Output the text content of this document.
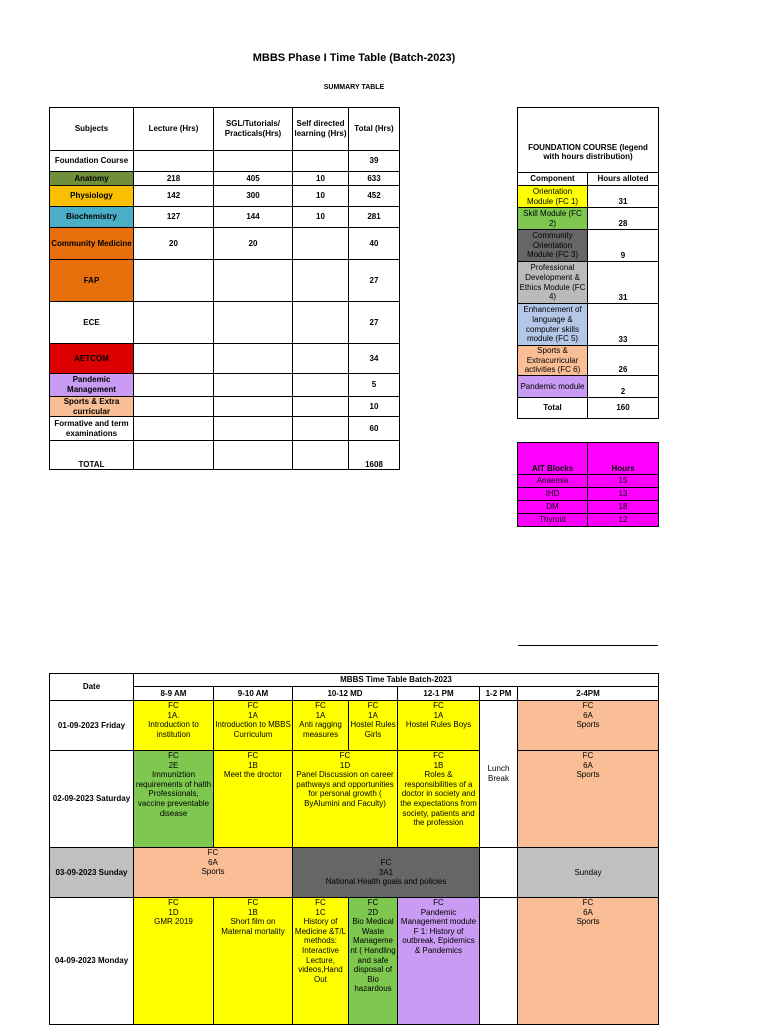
MBBS Phase I Time Table (Batch-2023)
SUMMARY TABLE
Subjects	Lecture (Hrs)	SGL/Tutorials/ Practicals(Hrs)	Self directed learning (Hrs)	Total (Hrs)
Foundation Course				39
Anatomy	218	405	10	633
Physiology	142	300	10	452
Biochemistry	127	144	10	281
Community Medicine	20	20		40
FAP				27
ECE				27
AETCOM				34
Pandemic Management				5
Sports & Extra curricular				10
Formative and term examinations				60
TOTAL				1608
FOUNDATION COURSE (legend with hours distribution)	
Component	Hours alloted
Orientation Module (FC 1)	31
Skill Module (FC 2)	28
Community Orientation Module (FC 3)	9
Professional Development & Ethics Module (FC 4)	31
Enhancement of language & computer skills module (FC 5)	33
Sports & Extracurricular activities (FC 6)	26
Pandemic module	2
Total	160
AIT Blocks	Hours
Anaemia	15
IHD	13
DM	18
Thyroid	12
Date	MBBS Time Table Batch-2023						
	8-9 AM	9-10 AM	10-12 MD		12-1 PM	1-2 PM	2-4PM
01-09-2023 Friday	FC
1A.
Introduction to institution	FC
1A
Introduction to MBBS Curriculum	FC
1A
Anti ragging measures	FC
1A
Hostel Rules Girls	FC
1A
Hostel Rules Boys	Lunch Break	FC
6A
Sports
02-09-2023 Saturday	FC
2E
Immuniztion requirements of halth Professionals, vaccine preventable disease	FC
1B
Meet the droctor	FC
1D
Panel Discussion on career pathways and opportunities for personal growth ( ByAlumini and Faculty)		FC
1B
Roles & responsibilities of a doctor in society and the expectations from society, patients and the profession		FC
6A
Sports
03-09-2023 Sunday	FC
6A
Sports		FC
3A1
National Health goals and policies				Sunday
04-09-2023 Monday	FC
1D
GMR 2019	FC
1B
Short film on Maternal mortality	FC
1C
History of Medicine &T/L methods: Interactive Lecture, videos,Hand Out	FC
2D
Bio Medical Waste Manageme nt ( Handling and safe disposal of Bio hazardous	FC
Pandemic Management module F 1: History of outbreak, Epidemics & Pandemics		FC
6A
Sports
